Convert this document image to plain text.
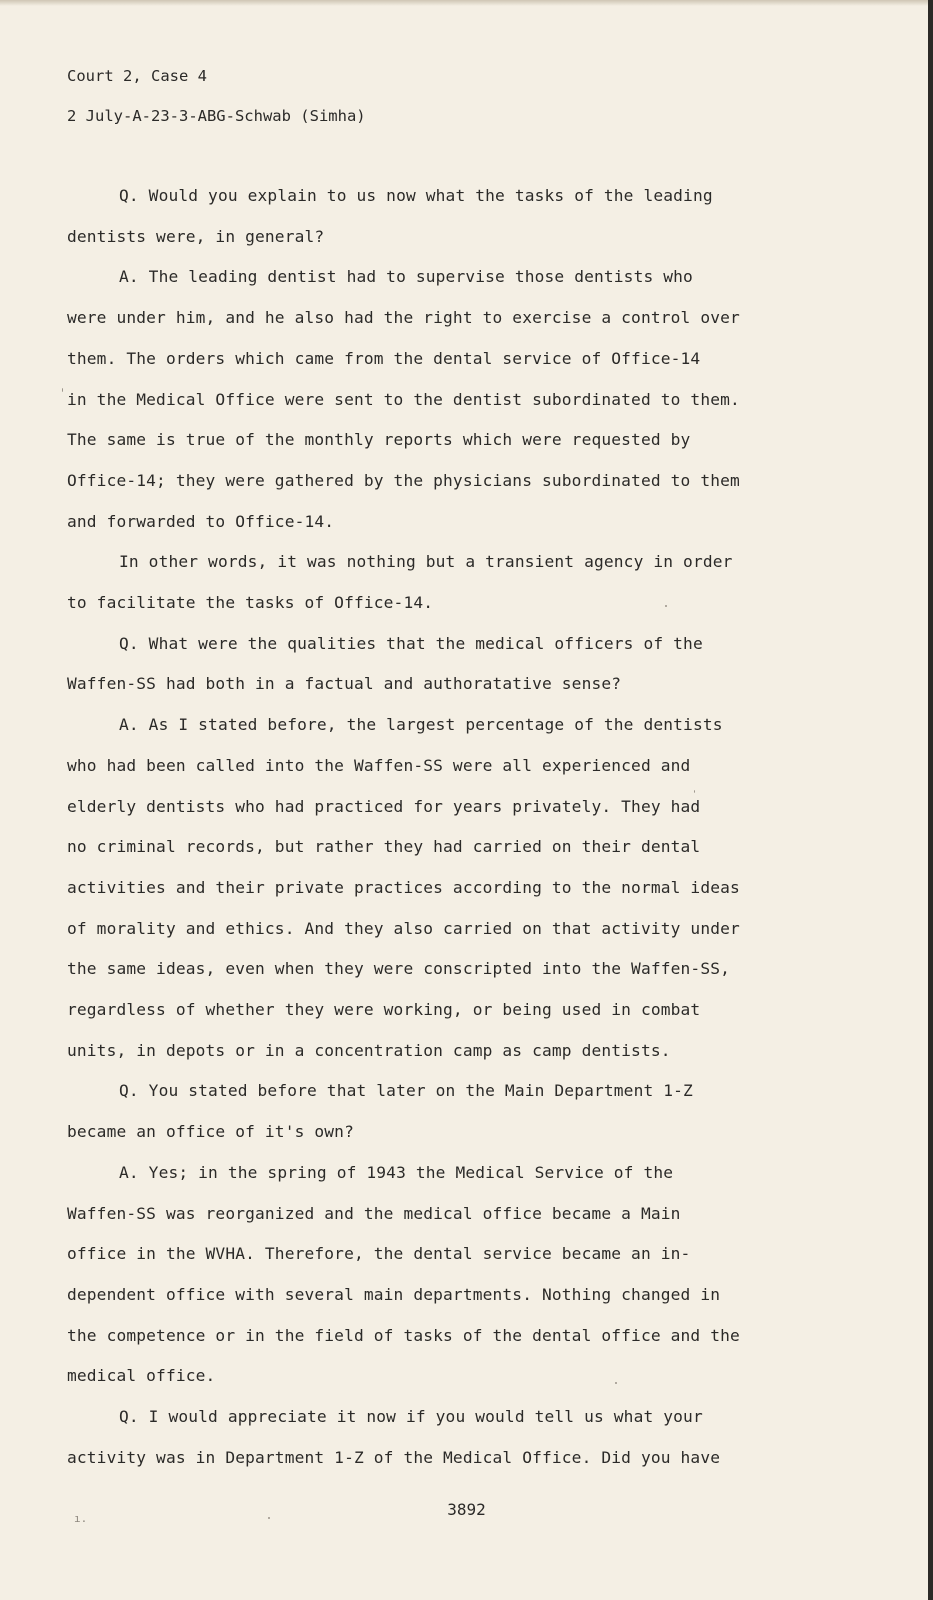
Court 2, Case 4
2 July-A-23-3-ABG-Schwab (Simha)
Q. Would you explain to us now what the tasks of the leading
dentists were, in general?
A. The leading dentist had to supervise those dentists who
were under him, and he also had the right to exercise a control over
them. The orders which came from the dental service of Office-14
in the Medical Office were sent to the dentist subordinated to them.
The same is true of the monthly reports which were requested by
Office-14; they were gathered by the physicians subordinated to them
and forwarded to Office-14.
In other words, it was nothing but a transient agency in order
to facilitate the tasks of Office-14.
Q. What were the qualities that the medical officers of the
Waffen-SS had both in a factual and authoratative sense?
A. As I stated before, the largest percentage of the dentists
who had been called into the Waffen-SS were all experienced and
elderly dentists who had practiced for years privately. They had
no criminal records, but rather they had carried on their dental
activities and their private practices according to the normal ideas
of morality and ethics. And they also carried on that activity under
the same ideas, even when they were conscripted into the Waffen-SS,
regardless of whether they were working, or being used in combat
units, in depots or in a concentration camp as camp dentists.
Q. You stated before that later on the Main Department 1-Z
became an office of it's own?
A. Yes; in the spring of 1943 the Medical Service of the
Waffen-SS was reorganized and the medical office became a Main
office in the WVHA. Therefore, the dental service became an in-
dependent office with several main departments. Nothing changed in
the competence or in the field of tasks of the dental office and the
medical office.
Q. I would appreciate it now if you would tell us what your
activity was in Department 1-Z of the Medical Office. Did you have
3892
ı.
